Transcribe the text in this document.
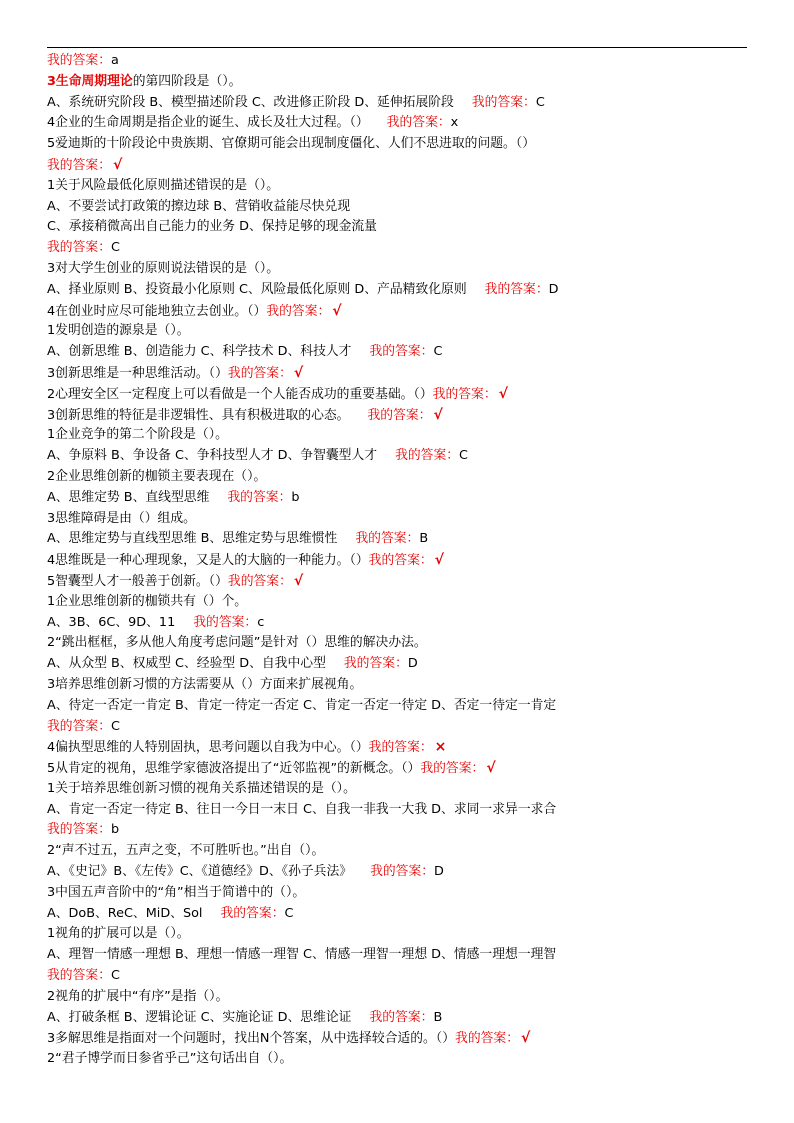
我的答案：a
3生命周期理论的第四阶段是（）。
A、系统研究阶段 B、模型描述阶段 C、改进修正阶段 D、延伸拓展阶段 我的答案：C
4企业的生命周期是指企业的诞生、成长及壮大过程。（） 我的答案：x
5爱迪斯的十阶段论中贵族期、官僚期可能会出现制度僵化、人们不思进取的问题。（）
我的答案： √
1关于风险最低化原则描述错误的是（）。
A、不要尝试打政策的擦边球 B、营销收益能尽快兑现
C、承接稍微高出自己能力的业务 D、保持足够的现金流量
我的答案：C
3对大学生创业的原则说法错误的是（）。
A、择业原则 B、投资最小化原则 C、风险最低化原则 D、产品精致化原则 我的答案：D
4在创业时应尽可能地独立去创业。（）我的答案： √
1发明创造的源泉是（）。
A、创新思维 B、创造能力 C、科学技术 D、科技人才 我的答案：C
3创新思维是一种思维活动。（）我的答案： √
2心理安全区一定程度上可以看做是一个人能否成功的重要基础。（）我的答案： √
3创新思维的特征是非逻辑性、具有积极进取的心态。 我的答案： √
1企业竞争的第二个阶段是（）。
A、争原料 B、争设备 C、争科技型人才 D、争智囊型人才 我的答案：C
2企业思维创新的枷锁主要表现在（）。
A、思维定势 B、直线型思维 我的答案：b
3思维障碍是由（）组成。
A、思维定势与直线型思维 B、思维定势与思维惯性 我的答案：B
4思维既是一种心理现象，又是人的大脑的一种能力。（）我的答案： √
5智囊型人才一般善于创新。（）我的答案： √
1企业思维创新的枷锁共有（）个。
A、3B、6C、9D、11 我的答案：c
2“跳出框框，多从他人角度考虑问题”是针对（）思维的解决办法。
A、从众型 B、权威型 C、经验型 D、自我中心型 我的答案：D
3培养思维创新习惯的方法需要从（）方面来扩展视角。
A、待定一否定一肯定 B、肯定一待定一否定 C、肯定一否定一待定 D、否定一待定一肯定
我的答案：C
4偏执型思维的人特别固执，思考问题以自我为中心。（）我的答案： ×
5从肯定的视角，思维学家德波洛提出了“近邻监视”的新概念。（）我的答案： √
1关于培养思维创新习惯的视角关系描述错误的是（）。
A、肯定一否定一待定 B、往日一今日一末日 C、自我一非我一大我 D、求同一求异一求合
我的答案：b
2“声不过五，五声之变，不可胜听也。”出自（）。
A、《史记》B、《左传》C、《道德经》D、《孙子兵法》 我的答案：D
3中国五声音阶中的“角”相当于简谱中的（）。
A、DoB、ReC、MiD、Sol 我的答案：C
1视角的扩展可以是（）。
A、理智一情感一理想 B、理想一情感一理智 C、情感一理智一理想 D、情感一理想一理智
我的答案：C
2视角的扩展中“有序”是指（）。
A、打破条框 B、逻辑论证 C、实施论证 D、思维论证 我的答案：B
3多解思维是指面对一个问题时，找出N个答案，从中选择较合适的。（）我的答案： √
2“君子博学而日参省乎己”这句话出自（）。
